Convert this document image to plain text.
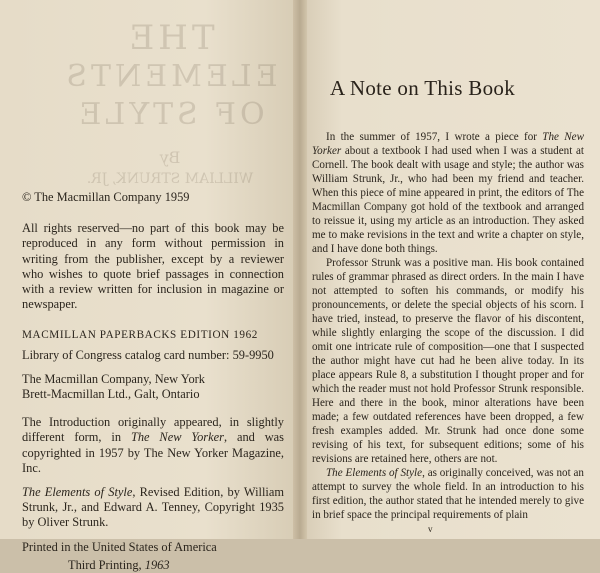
THE
ELEMENTS
OF STYLE
By
WILLIAM STRUNK, JR.

© The Macmillan Company 1959

All rights reserved—no part of this book may be reproduced in any form without permission in writing from the publisher, except by a reviewer who wishes to quote brief passages in connection with a review written for inclusion in magazine or newspaper.

MACMILLAN PAPERBACKS EDITION 1962

Library of Congress catalog card number: 59-9950

The Macmillan Company, New York
Brett-Macmillan Ltd., Galt, Ontario

The Introduction originally appeared, in slightly different form, in The New Yorker, and was copyrighted in 1957 by The New Yorker Magazine, Inc.

The Elements of Style, Revised Edition, by William Strunk, Jr., and Edward A. Tenney, Copyright 1935 by Oliver Strunk.

Printed in the United States of America

Third Printing, 1963

A Note on This Book

In the summer of 1957, I wrote a piece for The New Yorker about a textbook I had used when I was a student at Cornell. The book dealt with usage and style; the author was William Strunk, Jr., who had been my friend and teacher. When this piece of mine appeared in print, the editors of The Macmillan Company got hold of the textbook and arranged to reissue it, using my article as an introduction. They asked me to make revisions in the text and write a chapter on style, and I have done both things.

Professor Strunk was a positive man. His book contained rules of grammar phrased as direct orders. In the main I have not attempted to soften his commands, or modify his pronouncements, or delete the special objects of his scorn. I have tried, instead, to preserve the flavor of his discontent, while slightly enlarging the scope of the discussion. I did omit one intricate rule of composition—one that I suspected the author might have cut had he been alive today. In its place appears Rule 8, a substitution I thought proper and for which the reader must not hold Professor Strunk responsible. Here and there in the book, minor alterations have been made; a few outdated references have been dropped, a few fresh examples added. Mr. Strunk had once done some revising of his text, for subsequent editions; some of his revisions are retained here, others are not.

The Elements of Style, as originally conceived, was not an attempt to survey the whole field. In an introduction to his first edition, the author stated that he intended merely to give in brief space the principal requirements of plain

v
